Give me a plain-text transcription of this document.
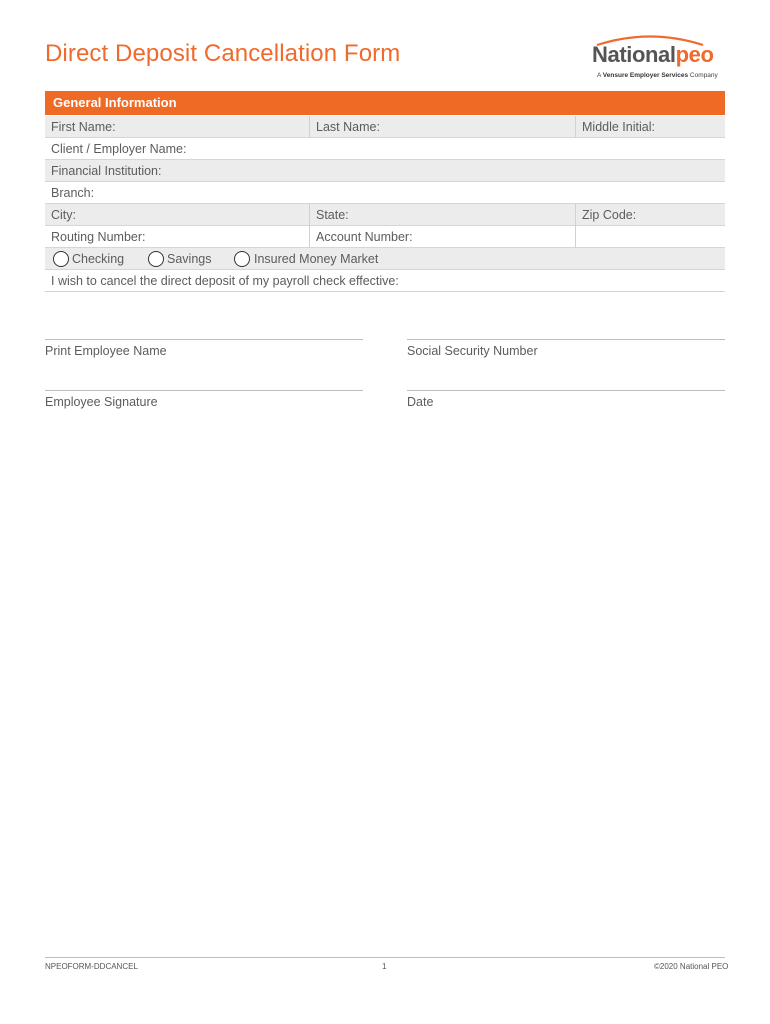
Direct Deposit Cancellation Form	Nationalpeo
A Vensure Employer Services Company
General Information
First Name:	Last Name:	Middle Initial:
Client / Employer Name:
Financial Institution:
Branch:
City:	State:	Zip Code:
Routing Number:	Account Number:
Checking	Savings	Insured Money Market
I wish to cancel the direct deposit of my payroll check effective:
Print Employee Name	Social Security Number
Employee Signature	Date
NPEOFORM-DDCANCEL	1	©2020 National PEO
